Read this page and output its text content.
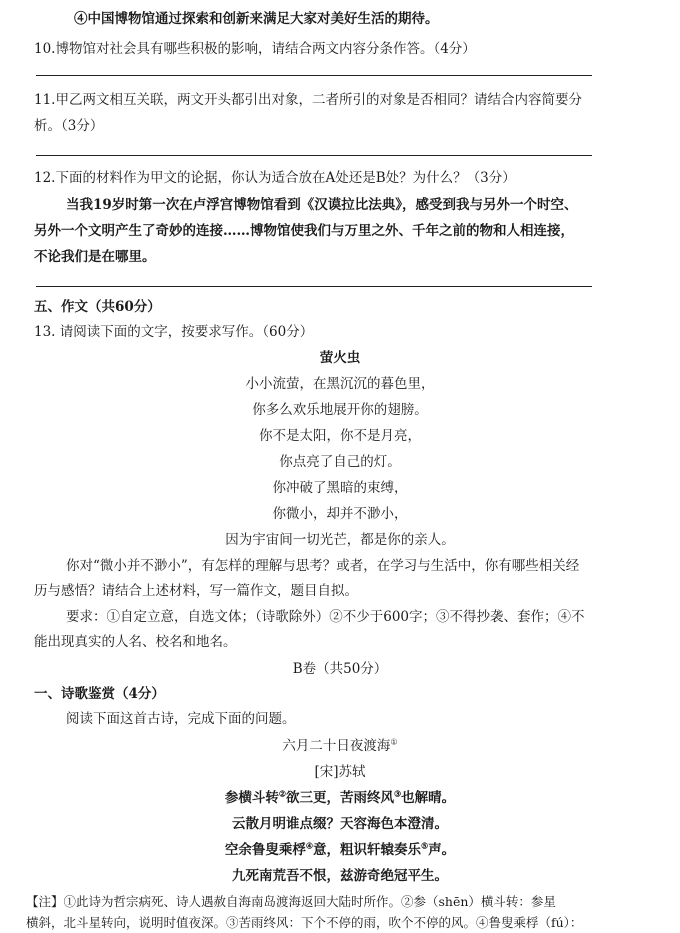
④中国博物馆通过探索和创新来满足大家对美好生活的期待。
10.博物馆对社会具有哪些积极的影响，请结合两文内容分条作答。（4分）
11.甲乙两文相互关联，两文开头都引出对象，二者所引的对象是否相同？请结合内容简要分
析。（3分）
12.下面的材料作为甲文的论据，你认为适合放在A处还是B处？为什么？（3分）
当我19岁时第一次在卢浮宫博物馆看到《汉谟拉比法典》，感受到我与另外一个时空、
另外一个文明产生了奇妙的连接……博物馆使我们与万里之外、千年之前的物和人相连接，
不论我们是在哪里。
五、作文（共60分）
13. 请阅读下面的文字，按要求写作。（60分）
萤火虫
小小流萤，在黑沉沉的暮色里，
你多么欢乐地展开你的翅膀。
你不是太阳，你不是月亮，
你点亮了自己的灯。
你冲破了黑暗的束缚，
你微小，却并不渺小，
因为宇宙间一切光芒，都是你的亲人。
你对“微小并不渺小”，有怎样的理解与思考？或者，在学习与生活中，你有哪些相关经
历与感悟？请结合上述材料，写一篇作文，题目自拟。
要求：①自定立意，自选文体；（诗歌除外）②不少于600字；③不得抄袭、套作；④不
能出现真实的人名、校名和地名。
B卷（共50分）
一、诗歌鉴赏（4分）
阅读下面这首古诗，完成下面的问题。
六月二十日夜渡海①
[宋]苏轼
参横斗转②欲三更，苦雨终风③也解晴。
云散月明谁点缀？天容海色本澄清。
空余鲁叟乘桴④意，粗识轩辕奏乐⑤声。
九死南荒吾不恨，兹游奇绝冠平生。
【注】①此诗为哲宗病死、诗人遇赦自海南岛渡海返回大陆时所作。②参（shēn）横斗转：参星
横斜，北斗星转向，说明时值夜深。③苦雨终风：下个不停的雨，吹个不停的风。④鲁叟乘桴（fú）：
